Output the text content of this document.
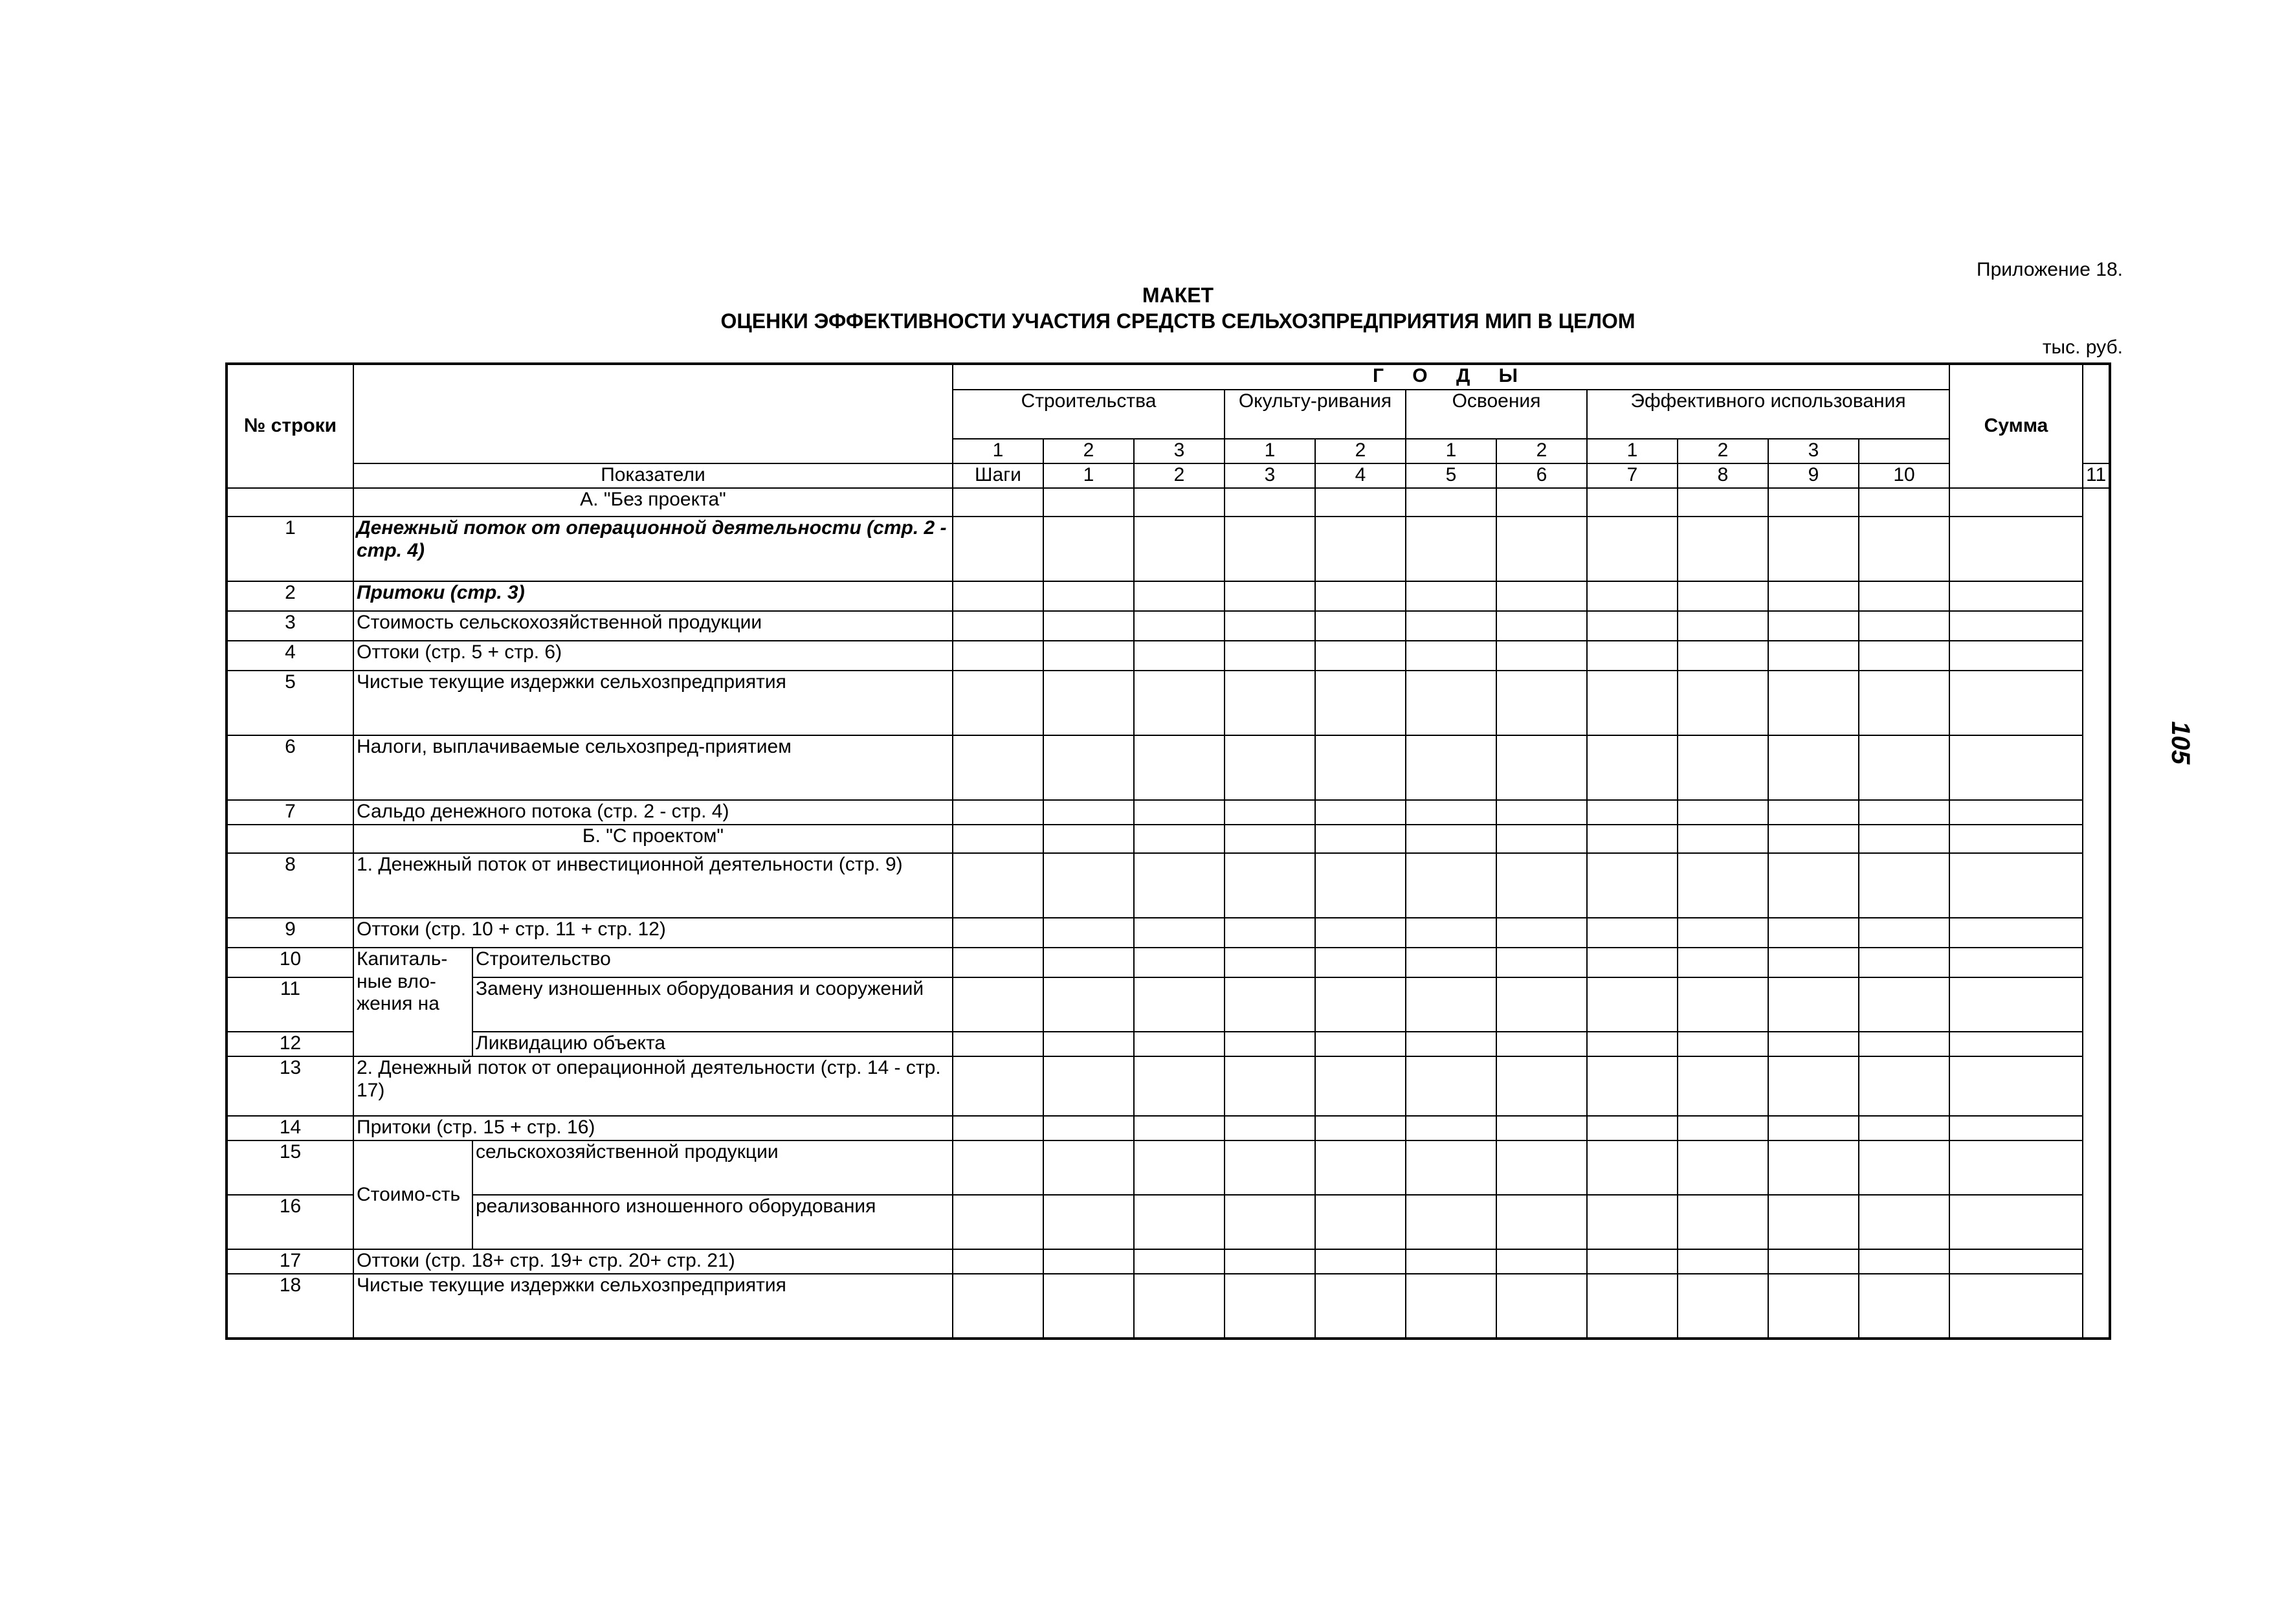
Приложение 18.
МАКЕТ
ОЦЕНКИ ЭФФЕКТИВНОСТИ УЧАСТИЯ СРЕДСТВ СЕЛЬХОЗПРЕДПРИЯТИЯ МИП В ЦЕЛОМ
тыс. руб.
105
№ строки			Г О Д Ы											Сумма	
			Строительства			Окульту-ривания		Освоения		Эффективного использования					
			1	2	3	1	2	1	2	1	2	3			
	Показатели		Шаги	1	2	3	4	5	6	7	8	9	10		11
	А. "Без проекта"														
1	Денежный поток от операционной деятельности (стр. 2 - стр. 4)														
2	Притоки (стр. 3)														
3	Стоимость сельскохозяйственной продукции														
4	Оттоки (стр. 5 + стр. 6)														
5	Чистые текущие издержки сельхозпредприятия														
6	Налоги, выплачиваемые сельхозпред-приятием														
7	Сальдо денежного потока (стр. 2 - стр. 4)														
	Б. "С проектом"														
8	1. Денежный поток от инвестиционной деятельности (стр. 9)														
9	Оттоки (стр. 10 + стр. 11 + стр. 12)														
10	Капиталь-ные вло-жения на	Строительство													
11		Замену изношенных оборудования и сооружений													
12		Ликвидацию объекта													
13	2. Денежный поток от операционной деятельности (стр. 14 - стр. 17)														
14	Притоки (стр. 15 + стр. 16)														
15	Стоимо-сть	сельскохозяйственной продукции													
16		реализованного изношенного оборудования													
17	Оттоки (стр. 18+ стр. 19+ стр. 20+ стр. 21)														
18	Чистые текущие издержки сельхозпредприятия														
